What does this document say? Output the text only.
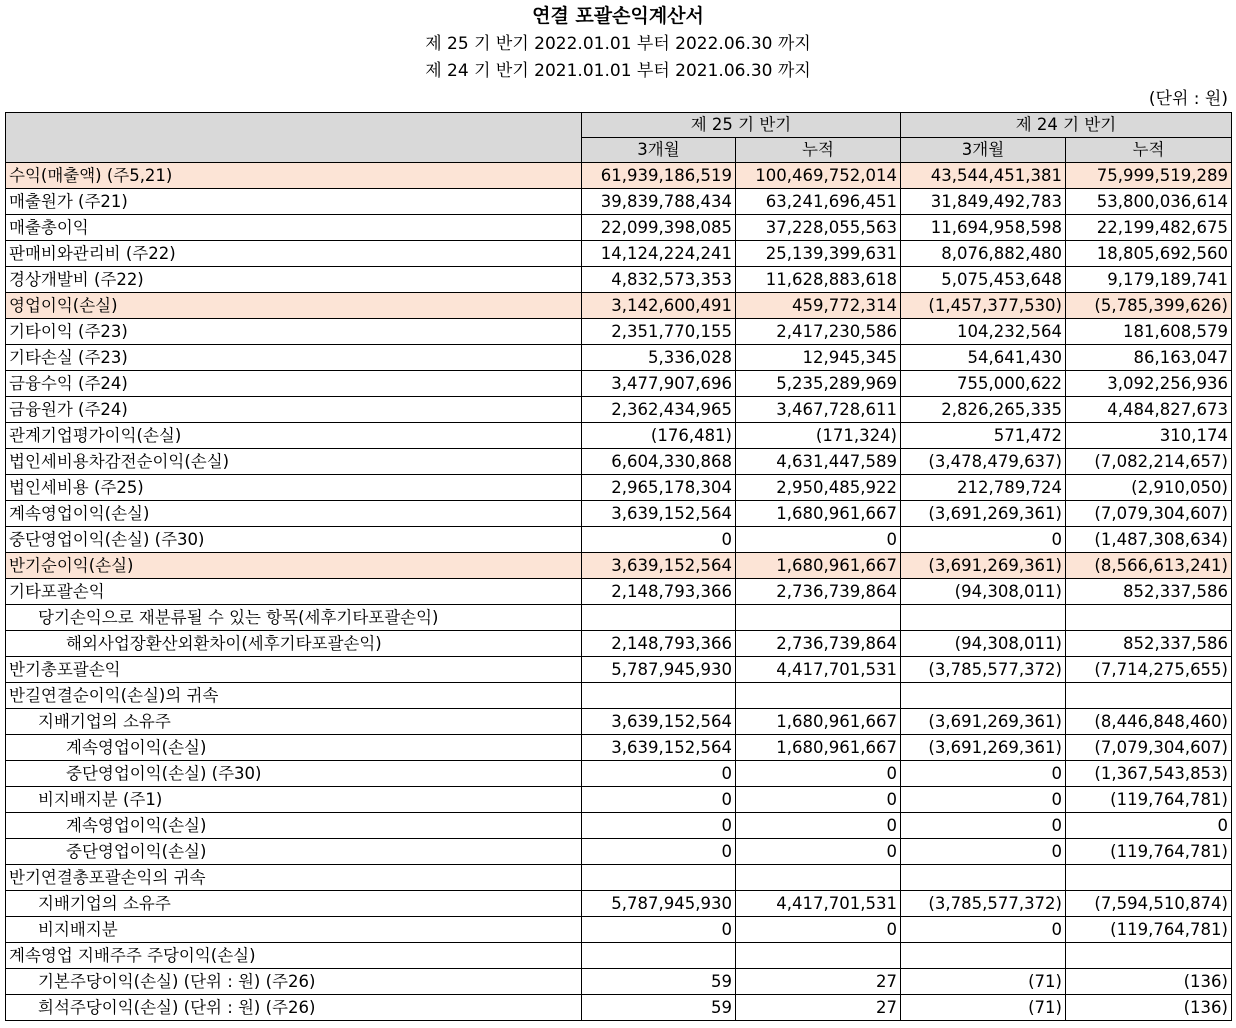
연결 포괄손익계산서
제 25 기 반기 2022.01.01 부터 2022.06.30 까지
제 24 기 반기 2021.01.01 부터 2021.06.30 까지
(단위 : 원)
	제 25 기 반기		제 24 기 반기	
	3개월	누적	3개월	누적
수익(매출액) (주5,21)	61,939,186,519	100,469,752,014	43,544,451,381	75,999,519,289
매출원가 (주21)	39,839,788,434	63,241,696,451	31,849,492,783	53,800,036,614
매출총이익	22,099,398,085	37,228,055,563	11,694,958,598	22,199,482,675
판매비와관리비 (주22)	14,124,224,241	25,139,399,631	8,076,882,480	18,805,692,560
경상개발비 (주22)	4,832,573,353	11,628,883,618	5,075,453,648	9,179,189,741
영업이익(손실)	3,142,600,491	459,772,314	(1,457,377,530)	(5,785,399,626)
기타이익 (주23)	2,351,770,155	2,417,230,586	104,232,564	181,608,579
기타손실 (주23)	5,336,028	12,945,345	54,641,430	86,163,047
금융수익 (주24)	3,477,907,696	5,235,289,969	755,000,622	3,092,256,936
금융원가 (주24)	2,362,434,965	3,467,728,611	2,826,265,335	4,484,827,673
관계기업평가이익(손실)	(176,481)	(171,324)	571,472	310,174
법인세비용차감전순이익(손실)	6,604,330,868	4,631,447,589	(3,478,479,637)	(7,082,214,657)
법인세비용 (주25)	2,965,178,304	2,950,485,922	212,789,724	(2,910,050)
계속영업이익(손실)	3,639,152,564	1,680,961,667	(3,691,269,361)	(7,079,304,607)
중단영업이익(손실) (주30)	0	0	0	(1,487,308,634)
반기순이익(손실)	3,639,152,564	1,680,961,667	(3,691,269,361)	(8,566,613,241)
기타포괄손익	2,148,793,366	2,736,739,864	(94,308,011)	852,337,586
당기손익으로 재분류될 수 있는 항목(세후기타포괄손익)				
해외사업장환산외환차이(세후기타포괄손익)	2,148,793,366	2,736,739,864	(94,308,011)	852,337,586
반기총포괄손익	5,787,945,930	4,417,701,531	(3,785,577,372)	(7,714,275,655)
반길연결순이익(손실)의 귀속				
지배기업의 소유주	3,639,152,564	1,680,961,667	(3,691,269,361)	(8,446,848,460)
계속영업이익(손실)	3,639,152,564	1,680,961,667	(3,691,269,361)	(7,079,304,607)
중단영업이익(손실) (주30)	0	0	0	(1,367,543,853)
비지배지분 (주1)	0	0	0	(119,764,781)
계속영업이익(손실)	0	0	0	0
중단영업이익(손실)	0	0	0	(119,764,781)
반기연결총포괄손익의 귀속				
지배기업의 소유주	5,787,945,930	4,417,701,531	(3,785,577,372)	(7,594,510,874)
비지배지분	0	0	0	(119,764,781)
계속영업 지배주주 주당이익(손실)				
기본주당이익(손실) (단위 : 원) (주26)	59	27	(71)	(136)
희석주당이익(손실) (단위 : 원) (주26)	59	27	(71)	(136)
